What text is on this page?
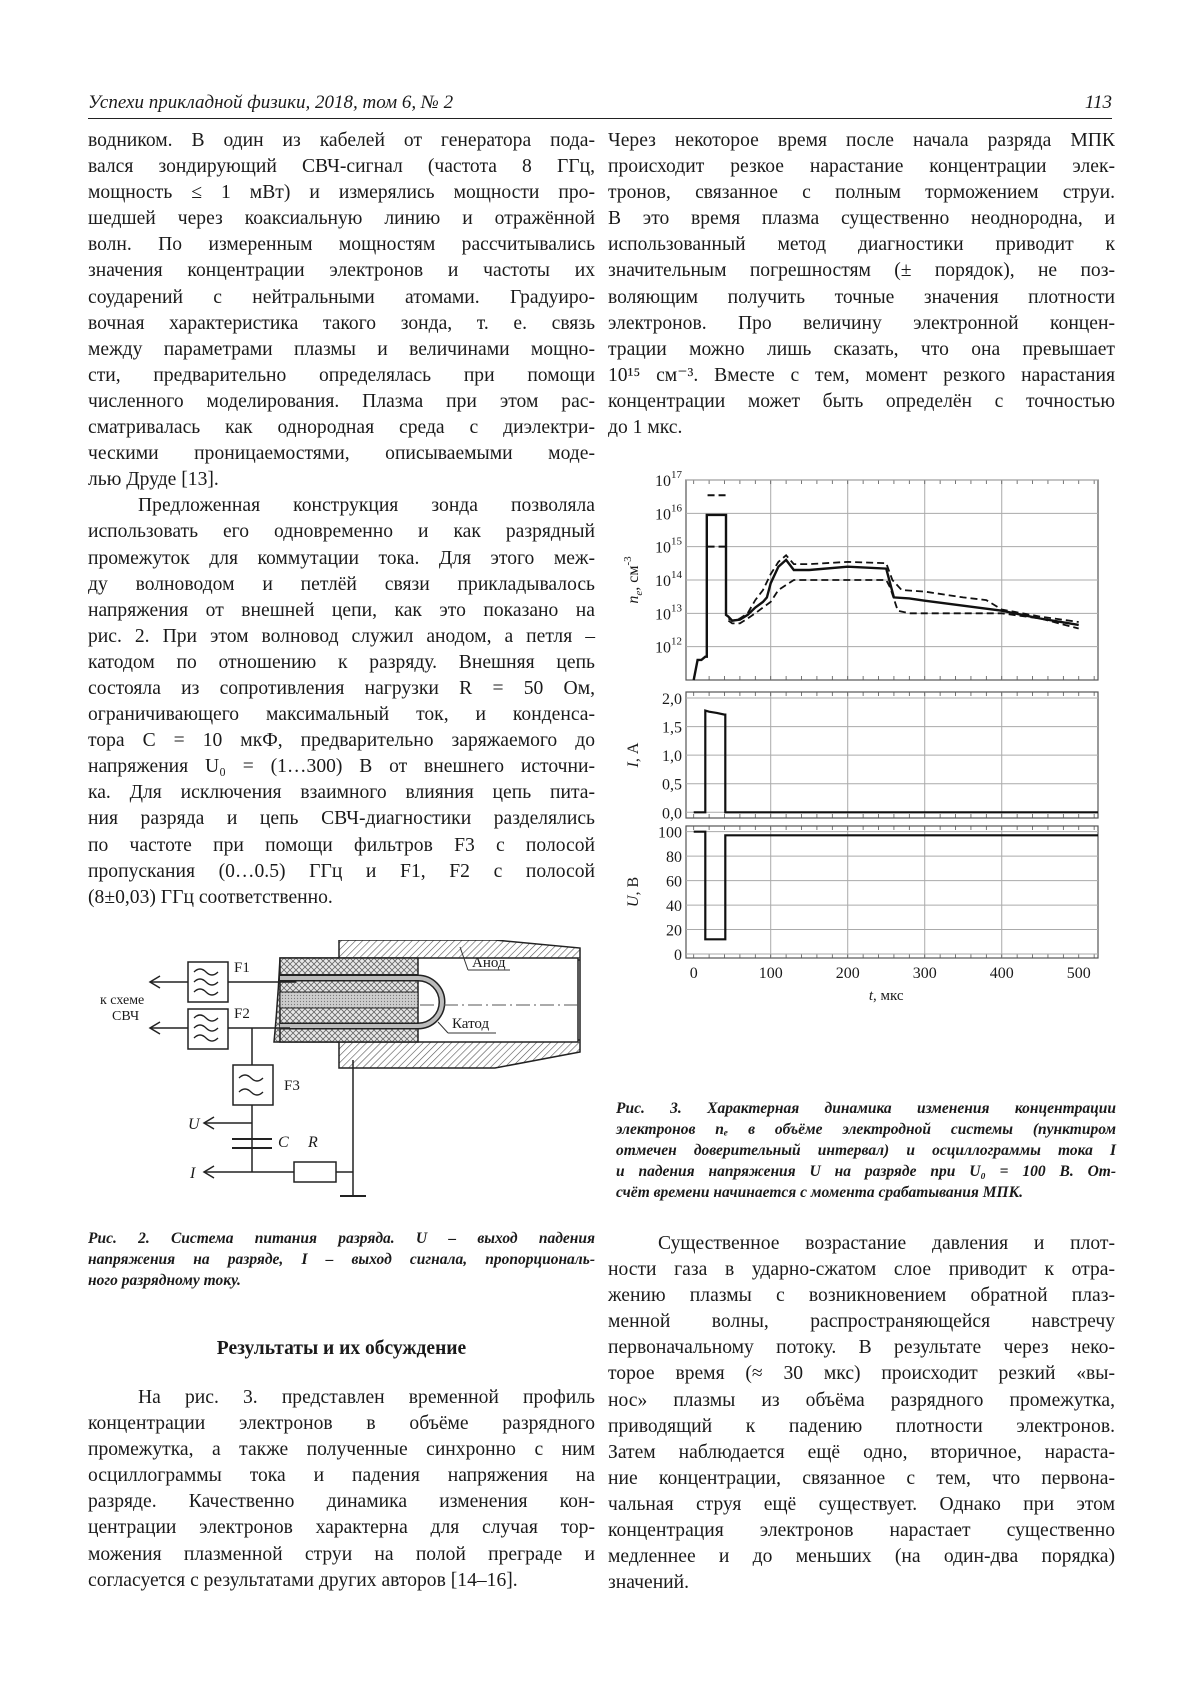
Успехи прикладной физики, 2018, том 6, № 2	113

водником. В один из кабелей от генератора пода-

вался зондирующий СВЧ-сигнал (частота 8 ГГц,

мощность ≤ 1 мВт) и измерялись мощности про-

шедшей через коаксиальную линию и отражённой

волн. По измеренным мощностям рассчитывались

значения концентрации электронов и частоты их

соударений с нейтральными атомами. Градуиро-

вочная характеристика такого зонда, т. е. связь

между параметрами плазмы и величинами мощно-

сти, предварительно определялась при помощи

численного моделирования. Плазма при этом рас-

сматривалась как однородная среда с диэлектри-

ческими проницаемостями, описываемыми моде-

лью Друде [13].

Предложенная конструкция зонда позволяла

использовать его одновременно и как разрядный

промежуток для коммутации тока. Для этого меж-

ду волноводом и петлёй связи прикладывалось

напряжения от внешней цепи, как это показано на

рис. 2. При этом волновод служил анодом, а петля –

катодом по отношению к разряду. Внешняя цепь

состояла из сопротивления нагрузки R = 50 Ом,

ограничивающего максимальный ток, и конденса-

тора C = 10 мкФ, предварительно заряжаемого до

напряжения U₀ = (1…300) В от внешнего источни-

ка. Для исключения взаимного влияния цепь пита-

ния разряда и цепь СВЧ-диагностики разделялись

по частоте при помощи фильтров F3 с полосой

пропускания (0…0.5) ГГц и F1, F2 с полосой

(8±0,03) ГГц соответственно.

Анод
Катод
F1
F2
к схеме
СВЧ
F3
U
C
I
R

Рис. 2. Система питания разряда. U – выход падения

напряжения на разряде, I – выход сигнала, пропорциональ-

ного разрядному току.

Результаты и их обсуждение

На рис. 3. представлен временной профиль

концентрации электронов в объёме разрядного

промежутка, а также полученные синхронно с ним

осциллограммы тока и падения напряжения на

разряде. Качественно динамика изменения кон-

центрации электронов характерна для случая тор-

можения плазменной струи на полой преграде и

согласуется с результатами других авторов [14–16].

Через некоторое время после начала разряда МПК

происходит резкое нарастание концентрации элек-

тронов, связанное с полным торможением струи.

В это время плазма существенно неоднородна, и

использованный метод диагностики приводит к

значительным погрешностям (± порядок), не поз-

воляющим получить точные значения плотности

электронов. Про величину электронной концен-

трации можно лишь сказать, что она превышает

10¹⁵ см⁻³. Вместе с тем, момент резкого нарастания

концентрации может быть определён с точностью

до 1 мкс.

$10^{12}$
$10^{13}$
$10^{14}$
$10^{15}$
$10^{16}$
$10^{17}$
$n_e$, $см^{-3}$
0,0
0,5
1,0
1,5
2,0
I, А
0
20
40
60
80
100
U, В
0	100	200	300	400	500
t, мкс

Рис. 3. Характерная динамика изменения концентрации

электронов nₑ в объёме электродной системы (пунктиром

отмечен доверительный интервал) и осциллограммы тока I

и падения напряжения U на разряде при U₀ = 100 В. От-

счёт времени начинается с момента срабатывания МПК.

Существенное возрастание давления и плот-

ности газа в ударно-сжатом слое приводит к отра-

жению плазмы с возникновением обратной плаз-

менной волны, распространяющейся навстречу

первоначальному потоку. В результате через неко-

торое время (≈ 30 мкс) происходит резкий «вы-

нос» плазмы из объёма разрядного промежутка,

приводящий к падению плотности электронов.

Затем наблюдается ещё одно, вторичное, нараста-

ние концентрации, связанное с тем, что первона-

чальная струя ещё существует. Однако при этом

концентрация электронов нарастает существенно

медленнее и до меньших (на один-два порядка)

значений.
